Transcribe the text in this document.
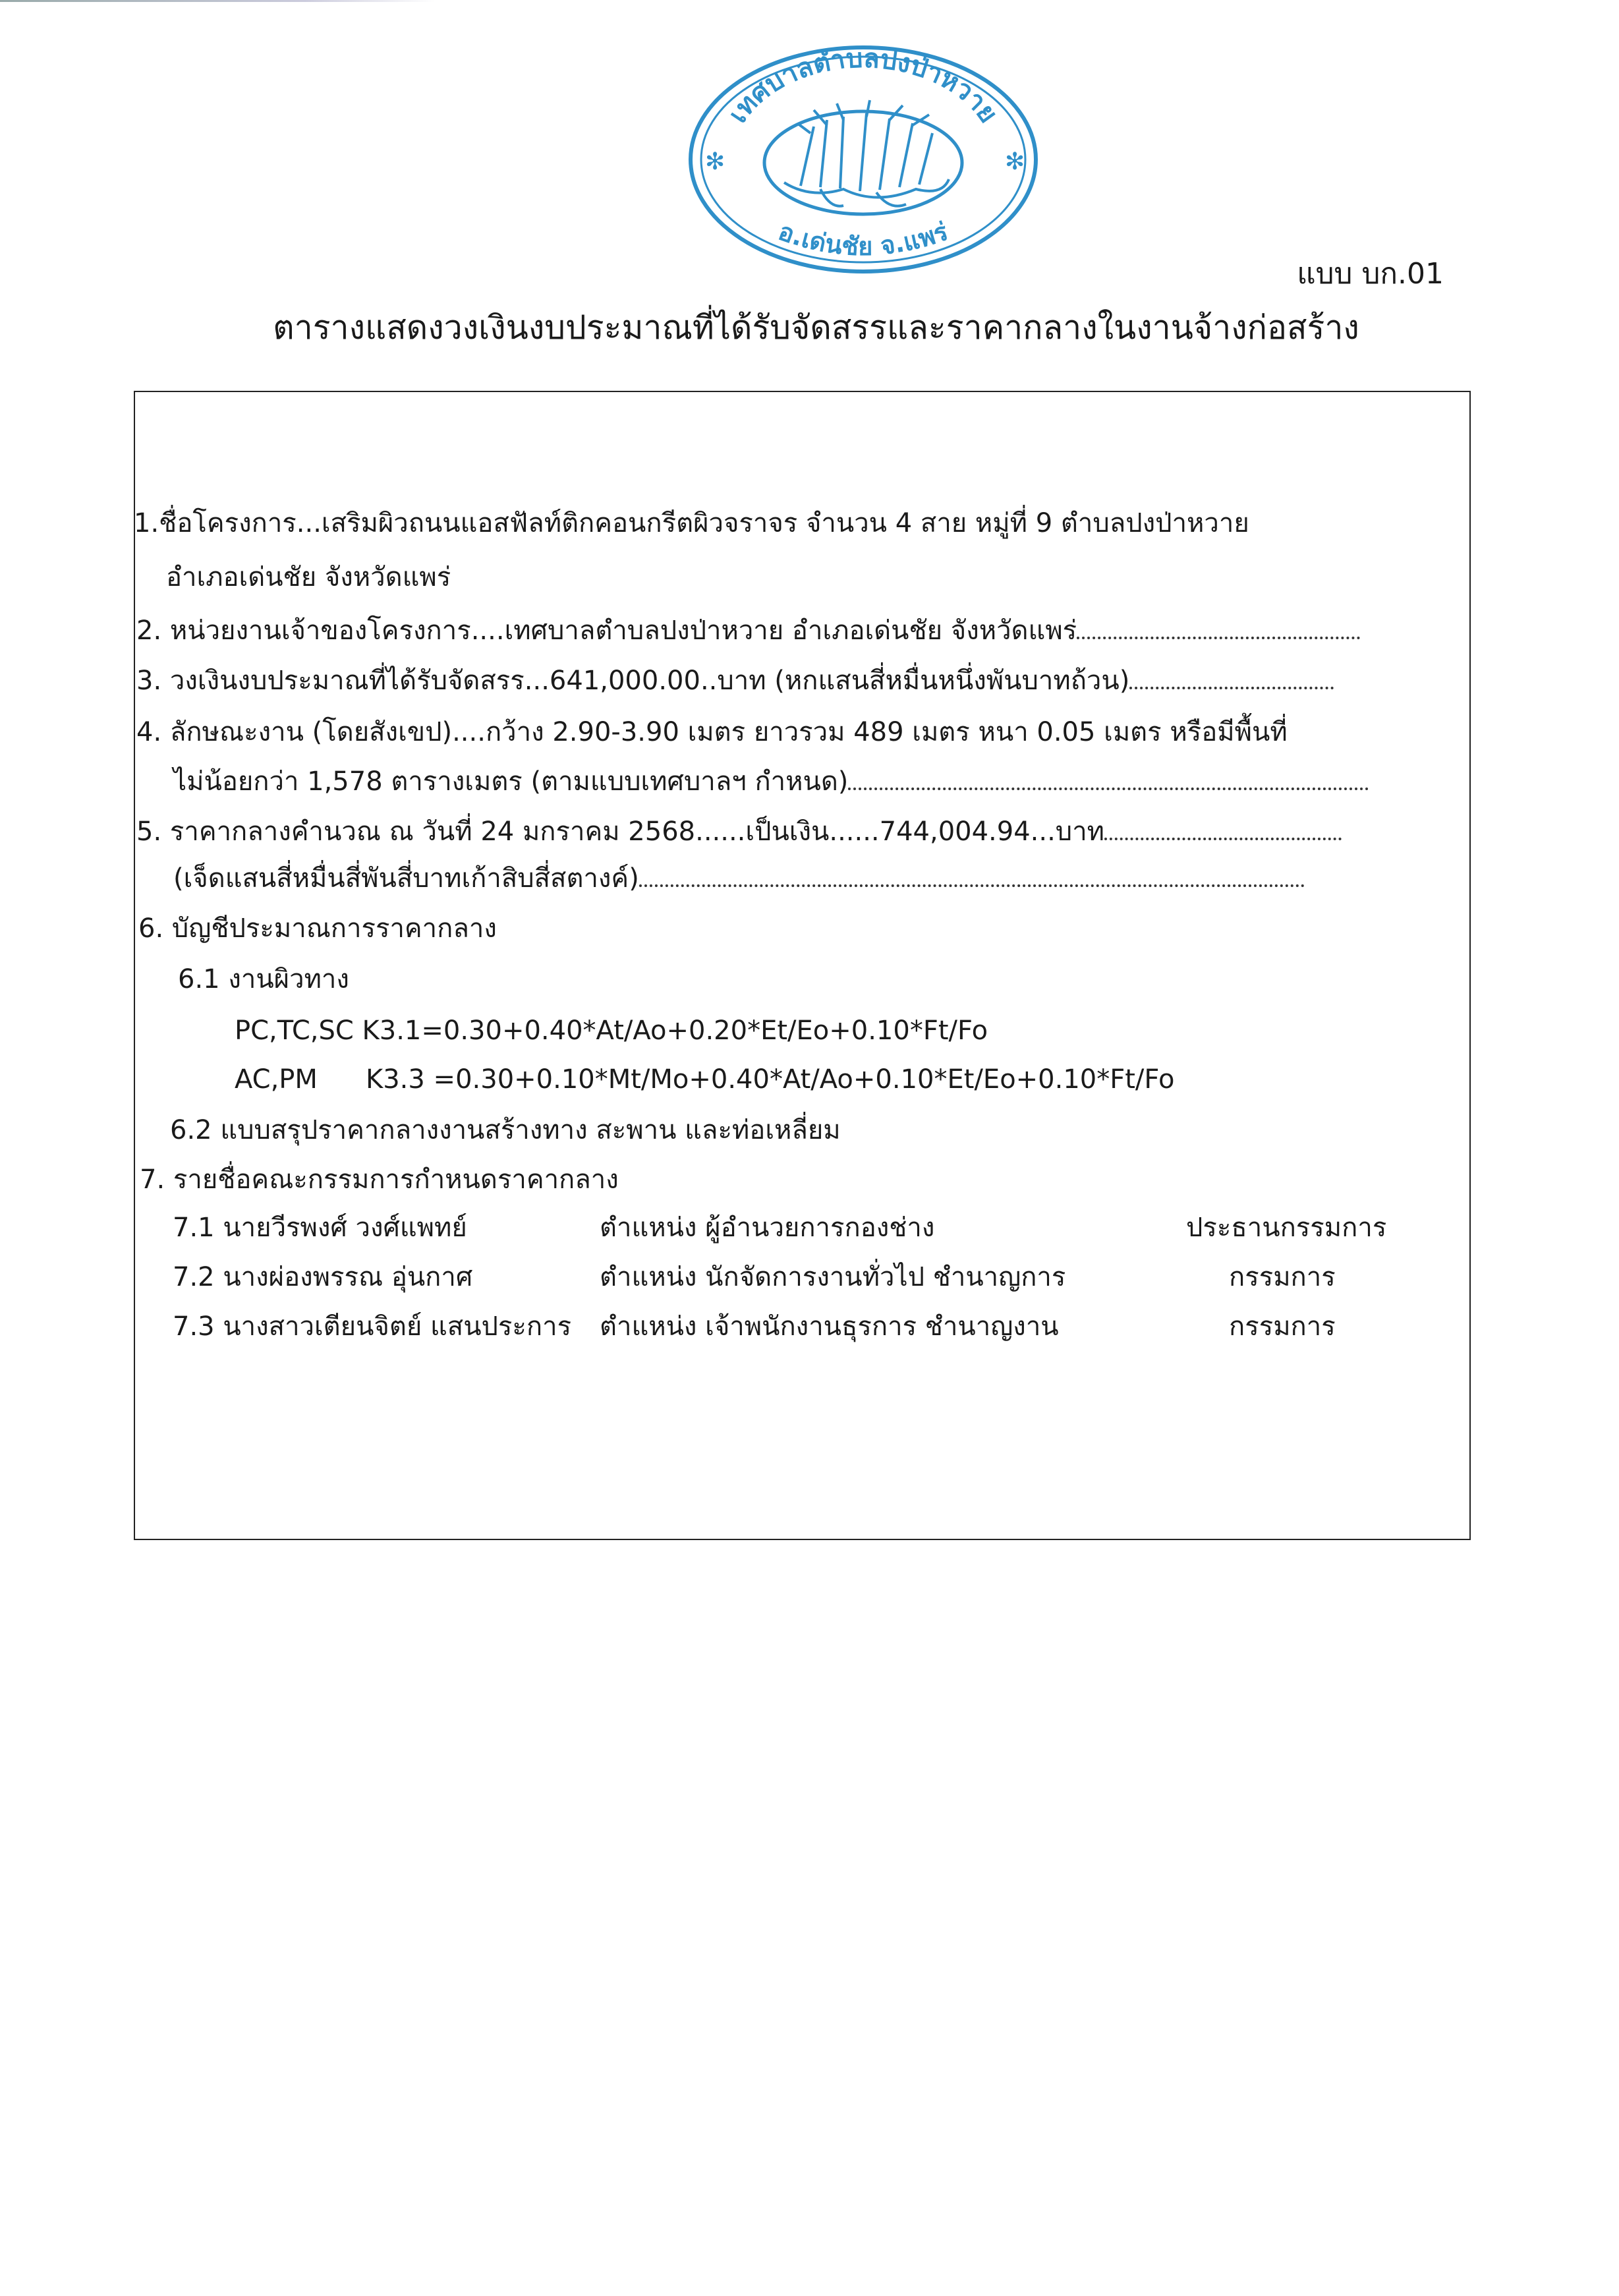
เทศบาลตำบลปงป่าหวาย
อ.เด่นชัย จ.แพร่
✻	✻
แบบ บก.01
ตารางแสดงวงเงินงบประมาณที่ได้รับจัดสรรและราคากลางในงานจ้างก่อสร้าง
1.ชื่อโครงการ...เสริมผิวถนนแอสฟัลท์ติกคอนกรีตผิวจราจร จำนวน 4 สาย หมู่ที่ 9 ตำบลปงป่าหวาย
อำเภอเด่นชัย จังหวัดแพร่
2. หน่วยงานเจ้าของโครงการ....เทศบาลตำบลปงป่าหวาย อำเภอเด่นชัย จังหวัดแพร่
3. วงเงินงบประมาณที่ได้รับจัดสรร...641,000.00..บาท (หกแสนสี่หมื่นหนึ่งพันบาทถ้วน)
4. ลักษณะงาน (โดยสังเขป)....กว้าง 2.90-3.90 เมตร ยาวรวม 489 เมตร หนา 0.05 เมตร หรือมีพื้นที่
ไม่น้อยกว่า 1,578 ตารางเมตร (ตามแบบเทศบาลฯ กำหนด)
5. ราคากลางคำนวณ ณ วันที่ 24 มกราคม 2568......เป็นเงิน......744,004.94...บาท
(เจ็ดแสนสี่หมื่นสี่พันสี่บาทเก้าสิบสี่สตางค์)
6. บัญชีประมาณการราคากลาง
6.1 งานผิวทาง
PC,TC,SC K3.1=0.30+0.40*At/Ao+0.20*Et/Eo+0.10*Ft/Fo
AC,PM K3.3 =0.30+0.10*Mt/Mo+0.40*At/Ao+0.10*Et/Eo+0.10*Ft/Fo
6.2 แบบสรุปราคากลางงานสร้างทาง สะพาน และท่อเหลี่ยม
7. รายชื่อคณะกรรมการกำหนดราคากลาง
7.1 นายวีรพงศ์ วงศ์แพทย์	ตำแหน่ง ผู้อำนวยการกองช่าง	ประธานกรรมการ
7.2 นางผ่องพรรณ อุ่นกาศ	ตำแหน่ง นักจัดการงานทั่วไป ชำนาญการ	กรรมการ
7.3 นางสาวเตียนจิตย์ แสนประการ ตำแหน่ง เจ้าพนักงานธุรการ ชำนาญงาน	กรรมการ
